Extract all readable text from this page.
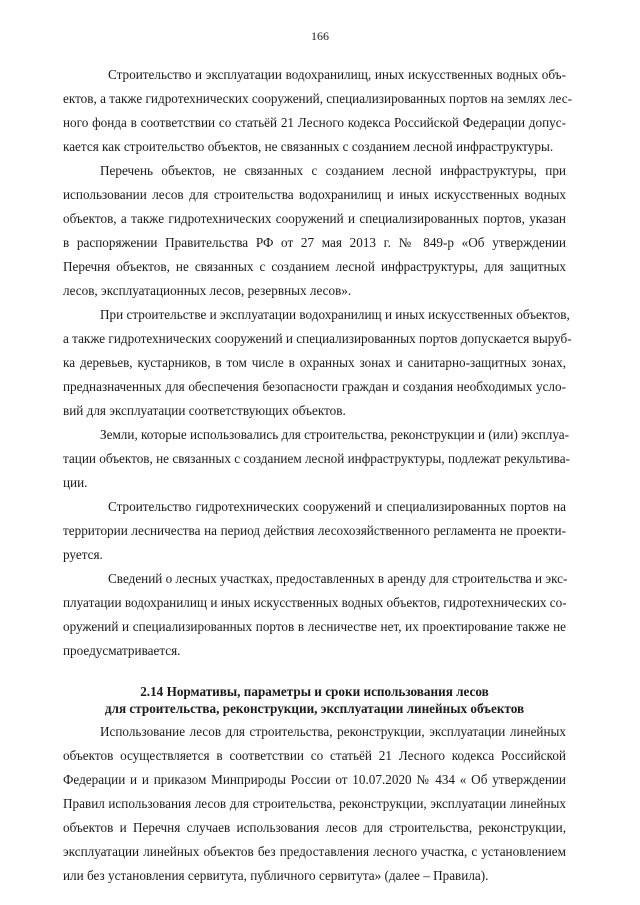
166
Строительство и эксплуатации водохранилищ, иных искусственных водных объ-
ектов, а также гидротехнических сооружений, специализированных портов на землях лес-
ного фонда в соответствии со статьёй 21 Лесного кодекса Российской Федерации допус-
кается как строительство объектов, не связанных с созданием лесной инфраструктуры.
Перечень объектов, не связанных с созданием лесной инфраструктуры, при
использовании лесов для строительства водохранилищ и иных искусственных водных
объектов, а также гидротехнических сооружений и специализированных портов, указан
в распоряжении Правительства РФ от 27 мая 2013 г. № 849-р «Об утверждении
Перечня объектов, не связанных с созданием лесной инфраструктуры, для защитных
лесов, эксплуатационных лесов, резервных лесов».
При строительстве и эксплуатации водохранилищ и иных искусственных объектов,
а также гидротехнических сооружений и специализированных портов допускается выруб-
ка деревьев, кустарников, в том числе в охранных зонах и санитарно-защитных зонах,
предназначенных для обеспечения безопасности граждан и создания необходимых усло-
вий для эксплуатации соответствующих объектов.
Земли, которые использовались для строительства, реконструкции и (или) эксплуа-
тации объектов, не связанных с созданием лесной инфраструктуры, подлежат рекультива-
ции.
Строительство гидротехнических сооружений и специализированных портов на
территории лесничества на период действия лесохозяйственного регламента не проекти-
руется.
Сведений о лесных участках, предоставленных в аренду для строительства и экс-
плуатации водохранилищ и иных искусственных водных объектов, гидротехнических со-
оружений и специализированных портов в лесничестве нет, их проектирование также не
проедусматривается.
2.14 Нормативы, параметры и сроки использования лесов
для строительства, реконструкции, эксплуатации линейных объектов
Использование лесов для строительства, реконструкции, эксплуатации линейных
объектов осуществляется в соответствии со статьёй 21 Лесного кодекса Российской
Федерации и и приказом Минприроды России от 10.07.2020 № 434 « Об утверждении
Правил использования лесов для строительства, реконструкции, эксплуатации линейных
объектов и Перечня случаев использования лесов для строительства, реконструкции,
эксплуатации линейных объектов без предоставления лесного участка, с установлением
или без установления сервитута, публичного сервитута» (далее – Правила).
